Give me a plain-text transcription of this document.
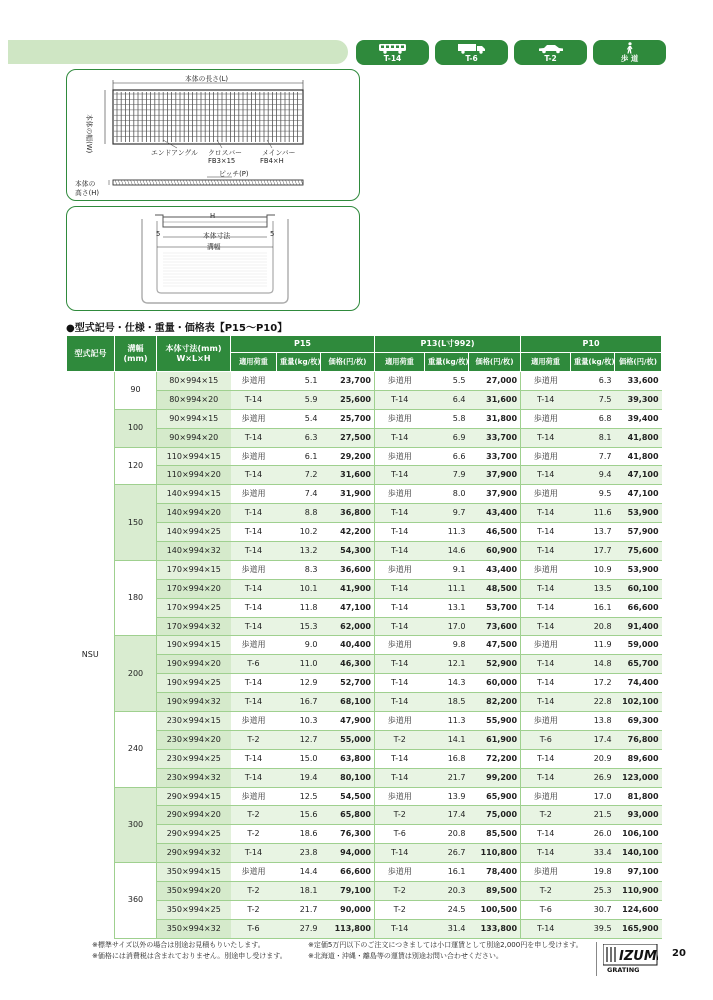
T-14	T-6	T-2	歩 道
本体の長さ(L)
本体の幅(W)	エンドアングル クロスバー
FB3×15
メインバー
FB4×H
ピッチ(P)
本体の
高さ(H)
H
5	5
本体寸法
溝幅
●型式記号・仕様・重量・価格表【P15～P10】
型式記号	溝幅
(mm)	本体寸法(mm)
W×L×H	P15			P13(L寸992)			P10		
			適用荷重	重量(kg/枚)	価格(円/枚)	適用荷重	重量(kg/枚)	価格(円/枚)	適用荷重	重量(kg/枚)	価格(円/枚)
NSU	90	80×994×15	歩道用	5.1	23,700	歩道用	5.5	27,000	歩道用	6.3	33,600
		80×994×20	T-14	5.9	25,600	T-14	6.4	31,600	T-14	7.5	39,300
	100	90×994×15	歩道用	5.4	25,700	歩道用	5.8	31,800	歩道用	6.8	39,400
		90×994×20	T-14	6.3	27,500	T-14	6.9	33,700	T-14	8.1	41,800
	120	110×994×15	歩道用	6.1	29,200	歩道用	6.6	33,700	歩道用	7.7	41,800
		110×994×20	T-14	7.2	31,600	T-14	7.9	37,900	T-14	9.4	47,100
	150	140×994×15	歩道用	7.4	31,900	歩道用	8.0	37,900	歩道用	9.5	47,100
		140×994×20	T-14	8.8	36,800	T-14	9.7	43,400	T-14	11.6	53,900
		140×994×25	T-14	10.2	42,200	T-14	11.3	46,500	T-14	13.7	57,900
		140×994×32	T-14	13.2	54,300	T-14	14.6	60,900	T-14	17.7	75,600
	180	170×994×15	歩道用	8.3	36,600	歩道用	9.1	43,400	歩道用	10.9	53,900
		170×994×20	T-14	10.1	41,900	T-14	11.1	48,500	T-14	13.5	60,100
		170×994×25	T-14	11.8	47,100	T-14	13.1	53,700	T-14	16.1	66,600
		170×994×32	T-14	15.3	62,000	T-14	17.0	73,600	T-14	20.8	91,400
	200	190×994×15	歩道用	9.0	40,400	歩道用	9.8	47,500	歩道用	11.9	59,000
		190×994×20	T-6	11.0	46,300	T-14	12.1	52,900	T-14	14.8	65,700
		190×994×25	T-14	12.9	52,700	T-14	14.3	60,000	T-14	17.2	74,400
		190×994×32	T-14	16.7	68,100	T-14	18.5	82,200	T-14	22.8	102,100
	240	230×994×15	歩道用	10.3	47,900	歩道用	11.3	55,900	歩道用	13.8	69,300
		230×994×20	T-2	12.7	55,000	T-2	14.1	61,900	T-6	17.4	76,800
		230×994×25	T-14	15.0	63,800	T-14	16.8	72,200	T-14	20.9	89,600
		230×994×32	T-14	19.4	80,100	T-14	21.7	99,200	T-14	26.9	123,000
	300	290×994×15	歩道用	12.5	54,500	歩道用	13.9	65,900	歩道用	17.0	81,800
		290×994×20	T-2	15.6	65,800	T-2	17.4	75,000	T-2	21.5	93,000
		290×994×25	T-2	18.6	76,300	T-6	20.8	85,500	T-14	26.0	106,100
		290×994×32	T-14	23.8	94,000	T-14	26.7	110,800	T-14	33.4	140,100
	360	350×994×15	歩道用	14.4	66,600	歩道用	16.1	78,400	歩道用	19.8	97,100
		350×994×20	T-2	18.1	79,100	T-2	20.3	89,500	T-2	25.3	110,900
		350×994×25	T-2	21.7	90,000	T-2	24.5	100,500	T-6	30.7	124,600
		350×994×32	T-6	27.9	113,800	T-14	31.4	133,800	T-14	39.5	165,900
※標準サイズ以外の場合は別途お見積もりいたします。
※価格には消費税は含まれておりません。別途申し受けます。
※定価5万円以下のご注文につきましては小口運賃として別途2,000円を申し受けます。
※北海道・沖縄・離島等の運賃は別途お問い合わせください。	IZUMI
GRATING
20
